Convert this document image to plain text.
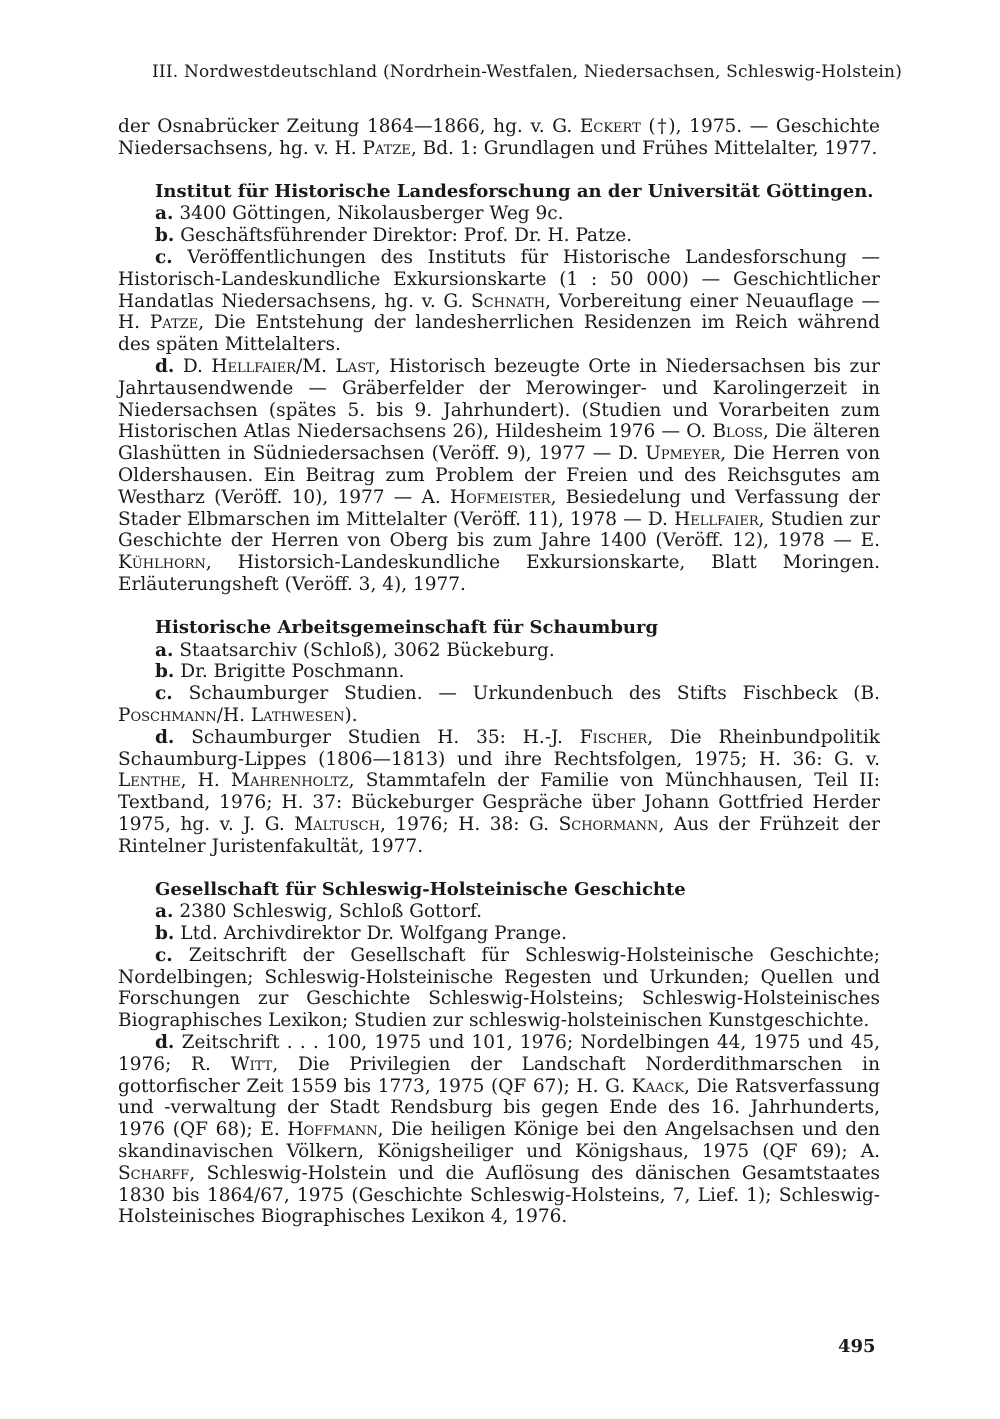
III. Nordwestdeutschland (Nordrhein-Westfalen, Niedersachsen, Schleswig-Holstein)
der Osnabrücker Zeitung 1864—1866, hg. v. G. Eckert (†), 1975. — Geschichte Niedersachsens, hg. v. H. Patze, Bd. 1: Grundlagen und Frühes Mittelalter, 1977.
Institut für Historische Landesforschung an der Universität Göttingen.
a. 3400 Göttingen, Nikolausberger Weg 9c.
b. Geschäftsführender Direktor: Prof. Dr. H. Patze.
c. Veröffentlichungen des Instituts für Historische Landesforschung — Historisch-Landeskundliche Exkursionskarte (1 : 50 000) — Geschichtlicher Handatlas Niedersachsens, hg. v. G. Schnath, Vorbereitung einer Neuauflage — H. Patze, Die Entstehung der landesherrlichen Residenzen im Reich während des späten Mittelalters.
d. D. Hellfaier/M. Last, Historisch bezeugte Orte in Niedersachsen bis zur Jahrtausendwende — Gräberfelder der Merowinger- und Karolingerzeit in Niedersachsen (spätes 5. bis 9. Jahrhundert). (Studien und Vorarbeiten zum Historischen Atlas Niedersachsens 26), Hildesheim 1976 — O. Bloss, Die älteren Glashütten in Südniedersachsen (Veröff. 9), 1977 — D. Upmeyer, Die Herren von Oldershausen. Ein Beitrag zum Problem der Freien und des Reichsgutes am Westharz (Veröff. 10), 1977 — A. Hofmeister, Besiedelung und Verfassung der Stader Elbmarschen im Mittelalter (Veröff. 11), 1978 — D. Hellfaier, Studien zur Geschichte der Herren von Oberg bis zum Jahre 1400 (Veröff. 12), 1978 — E. Kühlhorn, Historsich-Landeskundliche Exkursionskarte, Blatt Moringen. Erläuterungsheft (Veröff. 3, 4), 1977.
Historische Arbeitsgemeinschaft für Schaumburg
a. Staatsarchiv (Schloß), 3062 Bückeburg.
b. Dr. Brigitte Poschmann.
c. Schaumburger Studien. — Urkundenbuch des Stifts Fischbeck (B. Poschmann/H. Lathwesen).
d. Schaumburger Studien H. 35: H.-J. Fischer, Die Rheinbundpolitik Schaumburg-Lippes (1806—1813) und ihre Rechtsfolgen, 1975; H. 36: G. v. Lenthe, H. Mahrenholtz, Stammtafeln der Familie von Münchhausen, Teil II: Textband, 1976; H. 37: Bückeburger Gespräche über Johann Gottfried Herder 1975, hg. v. J. G. Maltusch, 1976; H. 38: G. Schormann, Aus der Frühzeit der Rintelner Juristenfakultät, 1977.
Gesellschaft für Schleswig-Holsteinische Geschichte
a. 2380 Schleswig, Schloß Gottorf.
b. Ltd. Archivdirektor Dr. Wolfgang Prange.
c. Zeitschrift der Gesellschaft für Schleswig-Holsteinische Geschichte; Nordelbingen; Schleswig-Holsteinische Regesten und Urkunden; Quellen und Forschungen zur Geschichte Schleswig-Holsteins; Schleswig-Holsteinisches Biographisches Lexikon; Studien zur schleswig-holsteinischen Kunstgeschichte.
d. Zeitschrift . . . 100, 1975 und 101, 1976; Nordelbingen 44, 1975 und 45, 1976; R. Witt, Die Privilegien der Landschaft Norderdithmarschen in gottorfischer Zeit 1559 bis 1773, 1975 (QF 67); H. G. Kaack, Die Ratsverfassung und -verwaltung der Stadt Rendsburg bis gegen Ende des 16. Jahrhunderts, 1976 (QF 68); E. Hoffmann, Die heiligen Könige bei den Angelsachsen und den skandinavischen Völkern, Königsheiliger und Königshaus, 1975 (QF 69); A. Scharff, Schleswig-Holstein und die Auflösung des dänischen Gesamtstaates 1830 bis 1864/67, 1975 (Geschichte Schleswig-Holsteins, 7, Lief. 1); Schleswig-Holsteinisches Biographisches Lexikon 4, 1976.
495
